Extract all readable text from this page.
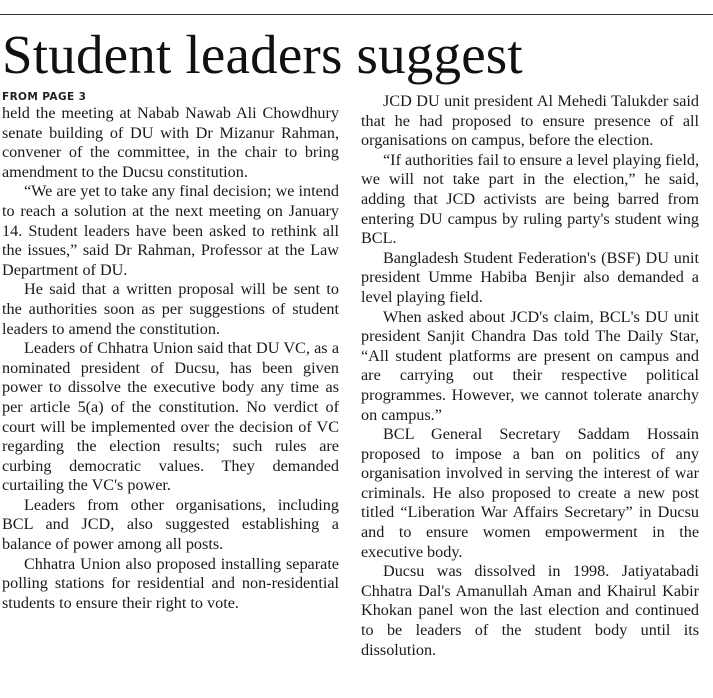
Student leaders suggest
FROM PAGE 3

held the meeting at Nabab Nawab Ali Chowdhury senate building of DU with Dr Mizanur Rahman, convener of the committee, in the chair to bring amendment to the Ducsu constitution.

“We are yet to take any final decision; we intend to reach a solution at the next meeting on January 14. Student leaders have been asked to rethink all the issues,” said Dr Rahman, Professor at the Law Department of DU.

He said that a written proposal will be sent to the authorities soon as per suggestions of student leaders to amend the constitution.

Leaders of Chhatra Union said that DU VC, as a nominated president of Ducsu, has been given power to dissolve the executive body any time as per article 5(a) of the constitution. No verdict of court will be implemented over the decision of VC regarding the election results; such rules are curbing democratic values. They demanded curtailing the VC's power.

Leaders from other organisations, including BCL and JCD, also suggested establishing a balance of power among all posts.

Chhatra Union also proposed installing separate polling stations for residential and non-residential students to ensure their right to vote.

JCD DU unit president Al Mehedi Talukder said that he had proposed to ensure presence of all organisations on campus, before the election.

“If authorities fail to ensure a level playing field, we will not take part in the election,” he said, adding that JCD activists are being barred from entering DU campus by ruling party's student wing BCL.

Bangladesh Student Federation's (BSF) DU unit president Umme Habiba Benjir also demanded a level playing field.

When asked about JCD's claim, BCL's DU unit president Sanjit Chandra Das told The Daily Star, “All student platforms are present on campus and are carrying out their respective political programmes. However, we cannot tolerate anarchy on campus.”

BCL General Secretary Saddam Hossain proposed to impose a ban on politics of any organisation involved in serving the interest of war criminals. He also proposed to create a new post titled “Liberation War Affairs Secretary” in Ducsu and to ensure women empowerment in the executive body.

Ducsu was dissolved in 1998. Jatiyatabadi Chhatra Dal's Amanullah Aman and Khairul Kabir Khokan panel won the last election and continued to be leaders of the student body until its dissolution.
